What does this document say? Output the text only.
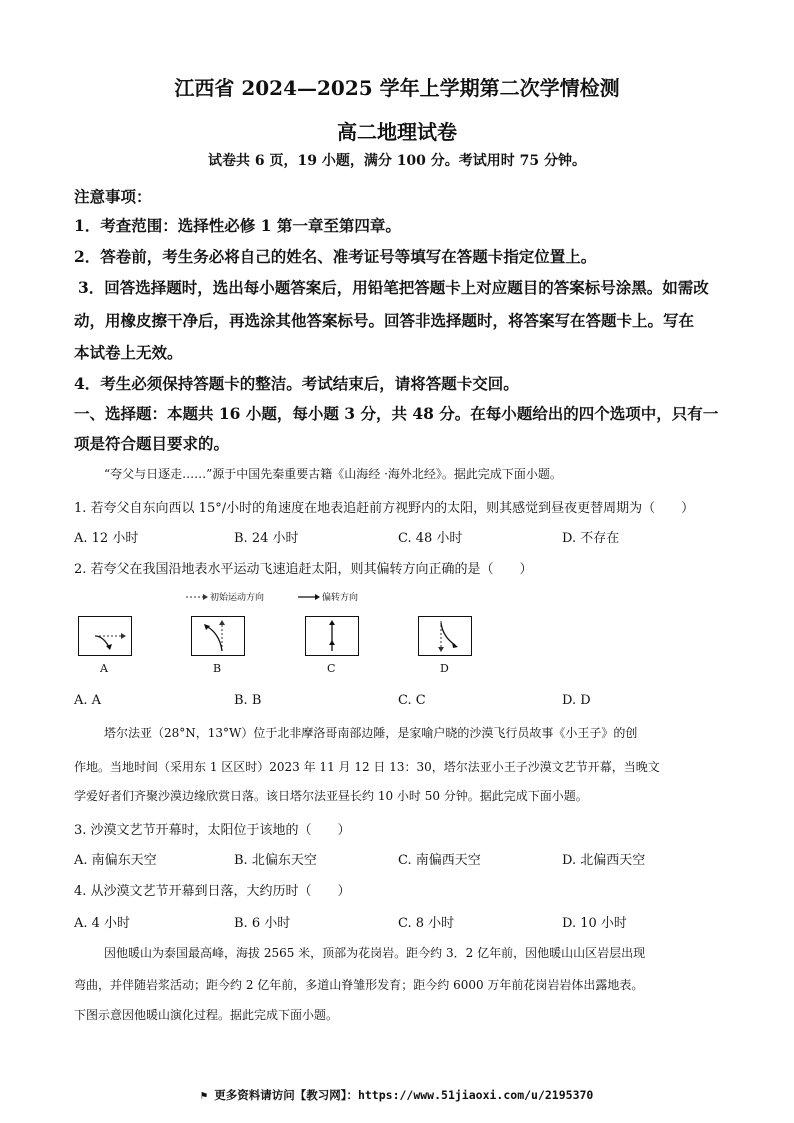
江西省 2024—2025 学年上学期第二次学情检测
高二地理试卷
试卷共 6 页，19 小题，满分 100 分。考试用时 75 分钟。
注意事项：
1．考查范围：选择性必修 1 第一章至第四章。
2．答卷前，考生务必将自己的姓名、准考证号等填写在答题卡指定位置上。
3．回答选择题时，选出每小题答案后，用铅笔把答题卡上对应题目的答案标号涂黑。如需改
动，用橡皮擦干净后，再选涂其他答案标号。回答非选择题时，将答案写在答题卡上。写在
本试卷上无效。
4．考生必须保持答题卡的整洁。考试结束后，请将答题卡交回。
一、选择题：本题共 16 小题，每小题 3 分，共 48 分。在每小题给出的四个选项中，只有一
项是符合题目要求的。
“夸父与日逐走……”源于中国先秦重要古籍《山海经 ·海外北经》。据此完成下面小题。
1. 若夸父自东向西以 15°/小时的角速度在地表追赶前方视野内的太阳，则其感觉到昼夜更替周期为（　　）
A. 12 小时	B. 24 小时	C. 48 小时	D. 不存在
2. 若夸父在我国沿地表水平运动飞速追赶太阳，则其偏转方向正确的是（　　）
初始运动方向	偏转方向
A	B	C	D
A. A	B. B	C. C	D. D
塔尔法亚（28°N，13°W）位于北非摩洛哥南部边陲，是家喻户晓的沙漠飞行员故事《小王子》的创
作地。当地时间（采用东 1 区区时）2023 年 11 月 12 日 13：30，塔尔法亚小王子沙漠文艺节开幕，当晚文
学爱好者们齐聚沙漠边缘欣赏日落。该日塔尔法亚昼长约 10 小时 50 分钟。据此完成下面小题。
3. 沙漠文艺节开幕时，太阳位于该地的（　　）
A. 南偏东天空	B. 北偏东天空	C. 南偏西天空	D. 北偏西天空
4. 从沙漠文艺节开幕到日落，大约历时（　　）
A. 4 小时	B. 6 小时	C. 8 小时	D. 10 小时
因他暖山为泰国最高峰，海拔 2565 米，顶部为花岗岩。距今约 3．2 亿年前，因他暖山山区岩层出现
弯曲，并伴随岩浆活动；距今约 2 亿年前，多道山脊雏形发育；距今约 6000 万年前花岗岩岩体出露地表。
下图示意因他暖山演化过程。据此完成下面小题。
⚑ 更多资料请访问【教习网】：https://www.51jiaoxi.com/u/2195370
